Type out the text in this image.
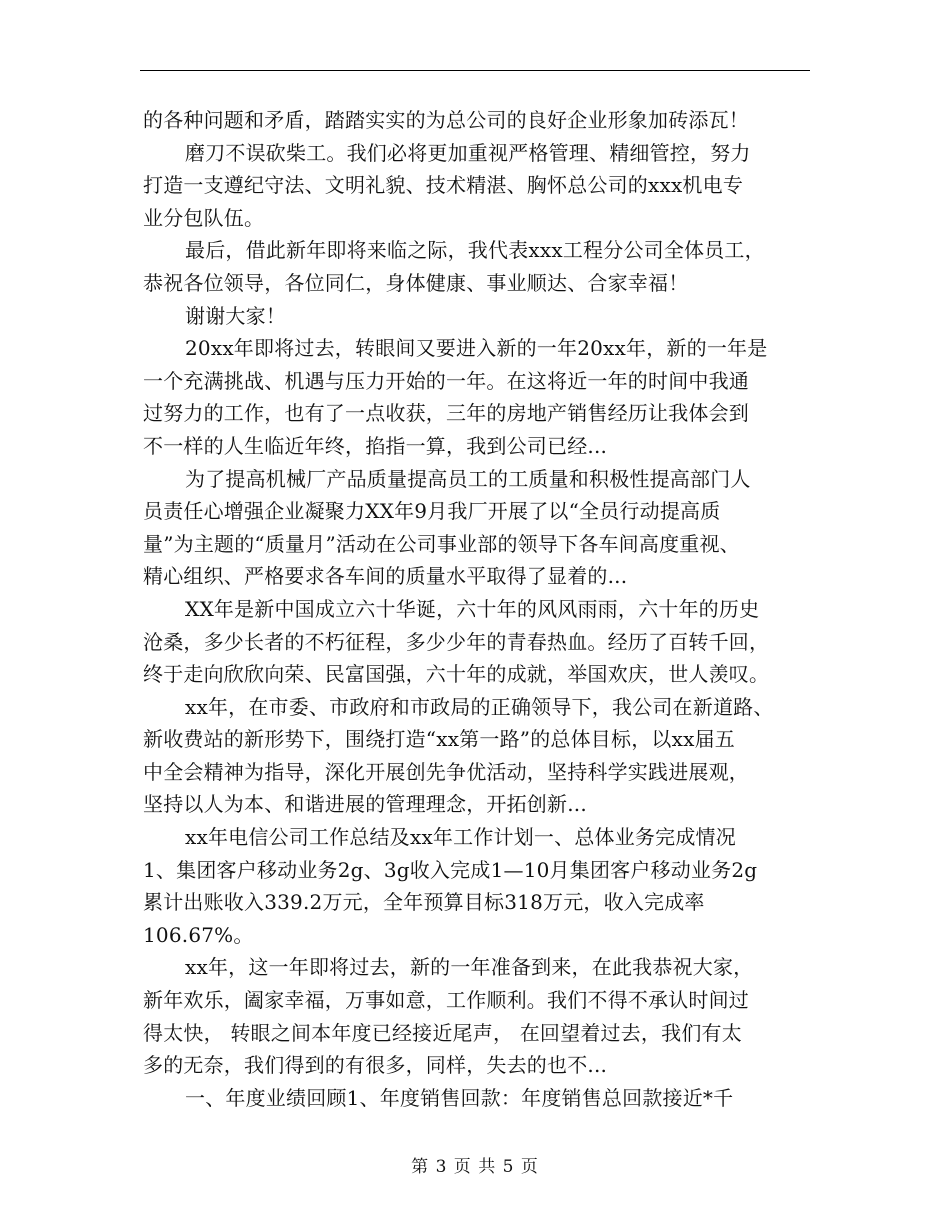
的各种问题和矛盾，踏踏实实的为总公司的良好企业形象加砖添瓦！
磨刀不误砍柴工。我们必将更加重视严格管理、精细管控，努力
打造一支遵纪守法、文明礼貌、技术精湛、胸怀总公司的xxx机电专
业分包队伍。
最后，借此新年即将来临之际，我代表xxx工程分公司全体员工，
恭祝各位领导，各位同仁，身体健康、事业顺达、合家幸福！
谢谢大家！
20xx年即将过去，转眼间又要进入新的一年20xx年，新的一年是
一个充满挑战、机遇与压力开始的一年。在这将近一年的时间中我通
过努力的工作，也有了一点收获，三年的房地产销售经历让我体会到
不一样的人生临近年终，掐指一算，我到公司已经...
为了提高机械厂产品质量提高员工的工质量和积极性提高部门人
员责任心增强企业凝聚力XX年9月我厂开展了以“全员行动提高质
量”为主题的“质量月”活动在公司事业部的领导下各车间高度重视、
精心组织、严格要求各车间的质量水平取得了显着的...
XX年是新中国成立六十华诞，六十年的风风雨雨，六十年的历史
沧桑，多少长者的不朽征程，多少少年的青春热血。经历了百转千回，
终于走向欣欣向荣、民富国强，六十年的成就，举国欢庆，世人羡叹。
xx年，在市委、市政府和市政局的正确领导下，我公司在新道路、
新收费站的新形势下，围绕打造“xx第一路”的总体目标，以xx届五
中全会精神为指导，深化开展创先争优活动，坚持科学实践进展观，
坚持以人为本、和谐进展的管理理念，开拓创新...
xx年电信公司工作总结及xx年工作计划一、总体业务完成情况
1、集团客户移动业务2g、3g收入完成1—10月集团客户移动业务2g
累计出账收入339.2万元，全年预算目标318万元，收入完成率
106.67%。
xx年，这一年即将过去，新的一年准备到来，在此我恭祝大家，
新年欢乐，阖家幸福，万事如意，工作顺利。我们不得不承认时间过
得太快， 转眼之间本年度已经接近尾声， 在回望着过去，我们有太
多的无奈，我们得到的有很多，同样，失去的也不...
一、年度业绩回顾1、年度销售回款：年度销售总回款接近*千
第 3 页 共 5 页
